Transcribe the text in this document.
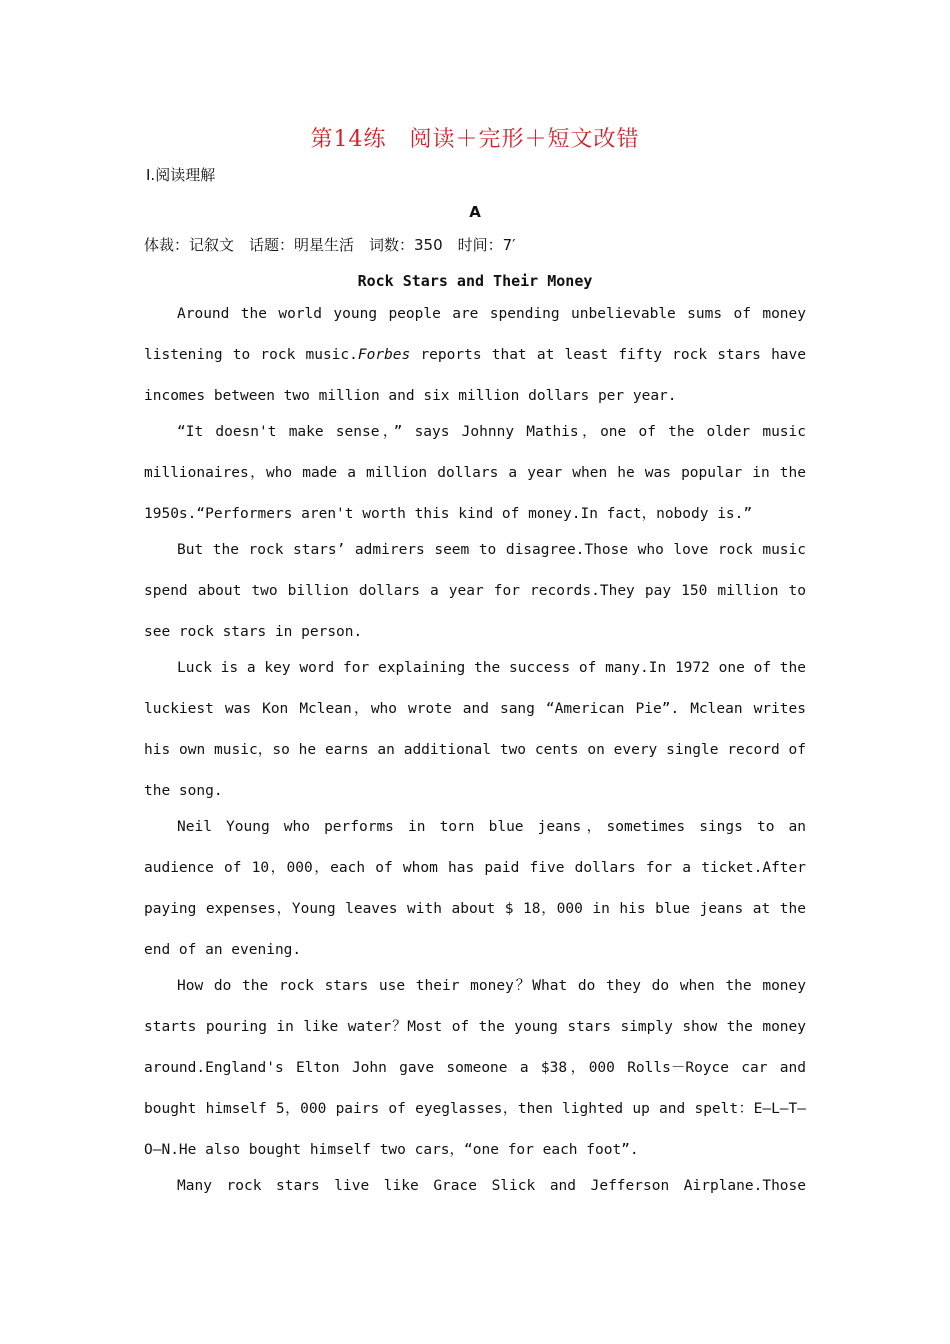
第14练　阅读＋完形＋短文改错
Ⅰ.阅读理解
A
体裁：记叙文　话题：明星生活　词数：350　时间：7′
Rock Stars and Their Money

Around the world young people are spending unbelievable sums of money listening to rock music.Forbes reports that at least fifty rock stars have incomes between two million and six million dollars per year.

“It doesn't make sense，” says Johnny Mathis，one of the older music millionaires，who made a million dollars a year when he was popular in the 1950s.“Performers aren't worth this kind of money.In fact，nobody is.”

But the rock stars’ admirers seem to disagree.Those who love rock music spend about two billion dollars a year for records.They pay 150 million to see rock stars in person.

Luck is a key word for explaining the success of many.In 1972 one of the luckiest was Kon Mclean，who wrote and sang “American Pie”. Mclean writes his own music，so he earns an additional two cents on every single record of the song.

Neil Young who performs in torn blue jeans，sometimes sings to an audience of 10，000，each of whom has paid five dollars for a ticket.After paying expenses，Young leaves with about $ 18，000 in his blue jeans at the end of an evening.

How do the rock stars use their money？What do they do when the money starts pouring in like water？Most of the young stars simply show the money around.England's Elton John gave someone a $38，000 Rolls－Royce car and bought himself 5，000 pairs of eyeglasses，then lighted up and spelt：E—L—T—O—N.He also bought himself two cars，“one for each foot”.

Many rock stars live like Grace Slick and Jefferson Airplane.Those
